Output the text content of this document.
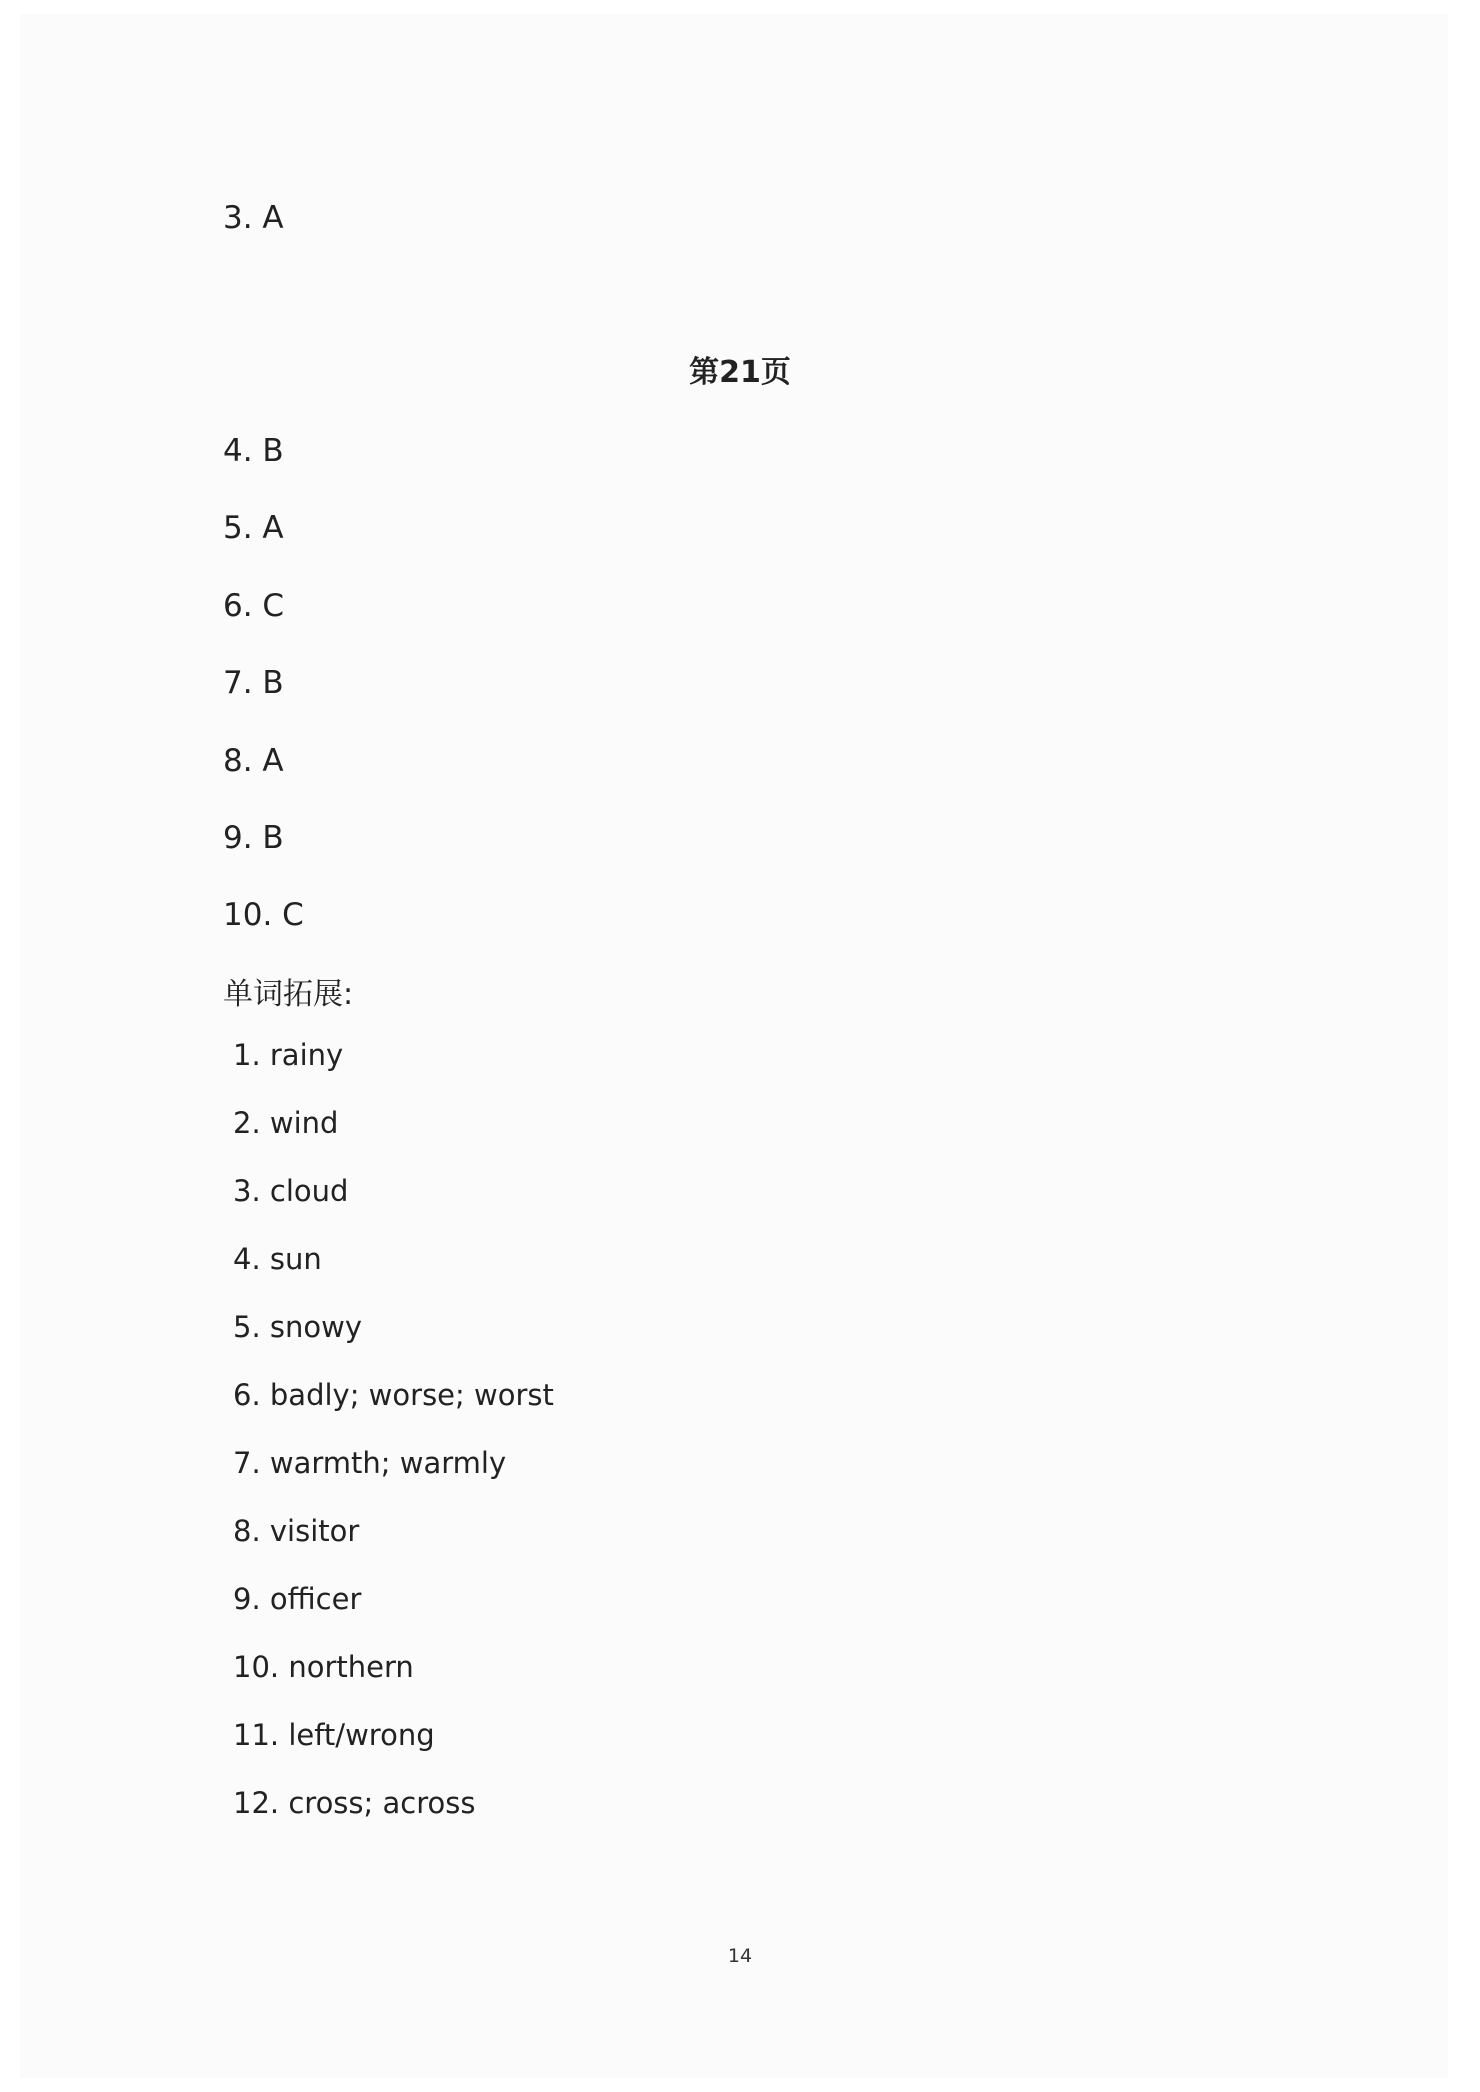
3. A
第21页
4. B
5. A
6. C
7. B
8. A
9. B
10. C
单词拓展:
1. rainy
2. wind
3. cloud
4. sun
5. snowy
6. badly; worse; worst
7. warmth; warmly
8. visitor
9. officer
10. northern
11. left/wrong
12. cross; across
14
